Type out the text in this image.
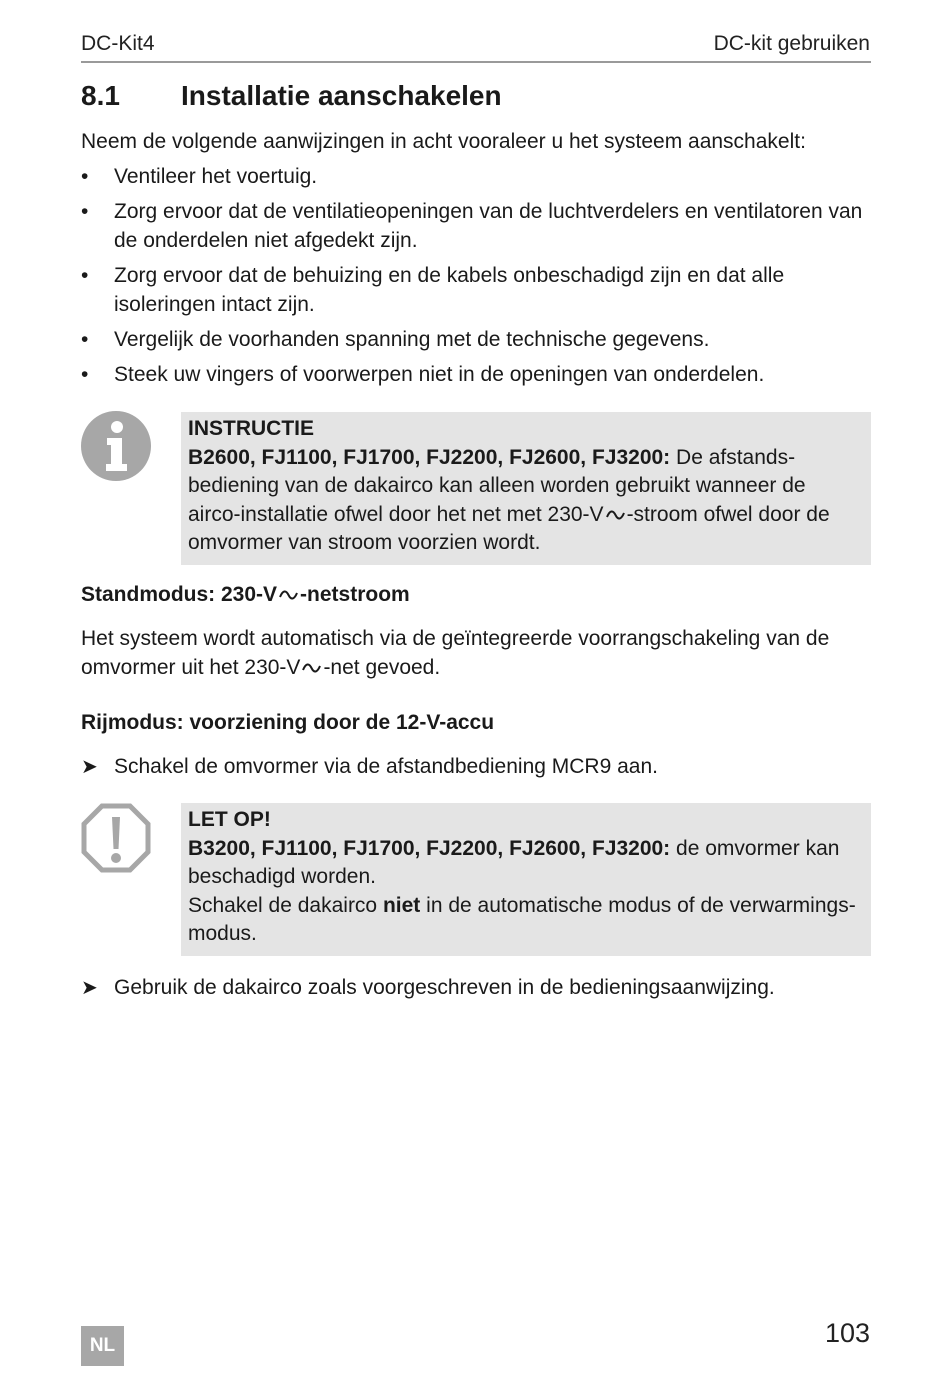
DC-Kit4	DC-kit gebruiken
8.1 Installatie aanschakelen

Neem de volgende aanwijzingen in acht vooraleer u het systeem aanschakelt:

•	Ventileer het voertuig.
•	Zorg ervoor dat de ventilatieopeningen van de luchtverdelers en ventilatoren van de onderdelen niet afgedekt zijn.
•	Zorg ervoor dat de behuizing en de kabels onbeschadigd zijn en dat alle isoleringen intact zijn.
•	Vergelijk de voorhanden spanning met de technische gegevens.
•	Steek uw vingers of voorwerpen niet in de openingen van onderdelen.
INSTRUCTIE
B2600, FJ1100, FJ1700, FJ2200, FJ2600, FJ3200: De afstands-bediening van de dakairco kan alleen worden gebruikt wanneer de airco-installatie ofwel door het net met 230-V -stroom ofwel door de omvormer van stroom voorzien wordt.
Standmodus: 230-V -netstroom

Het systeem wordt automatisch via de geïntegreerde voorrangschakeling van de omvormer uit het 230-V -net gevoed.

Rijmodus: voorziening door de 12-V-accu
➤ Schakel de omvormer via de afstandbediening MCR9 aan.
LET OP!
B3200, FJ1100, FJ1700, FJ2200, FJ2600, FJ3200: de omvormer kan beschadigd worden.
Schakel de dakairco niet in de automatische modus of de verwarmings-modus.
➤ Gebruik de dakairco zoals voorgeschreven in de bedieningsaanwijzing.
NL	103
